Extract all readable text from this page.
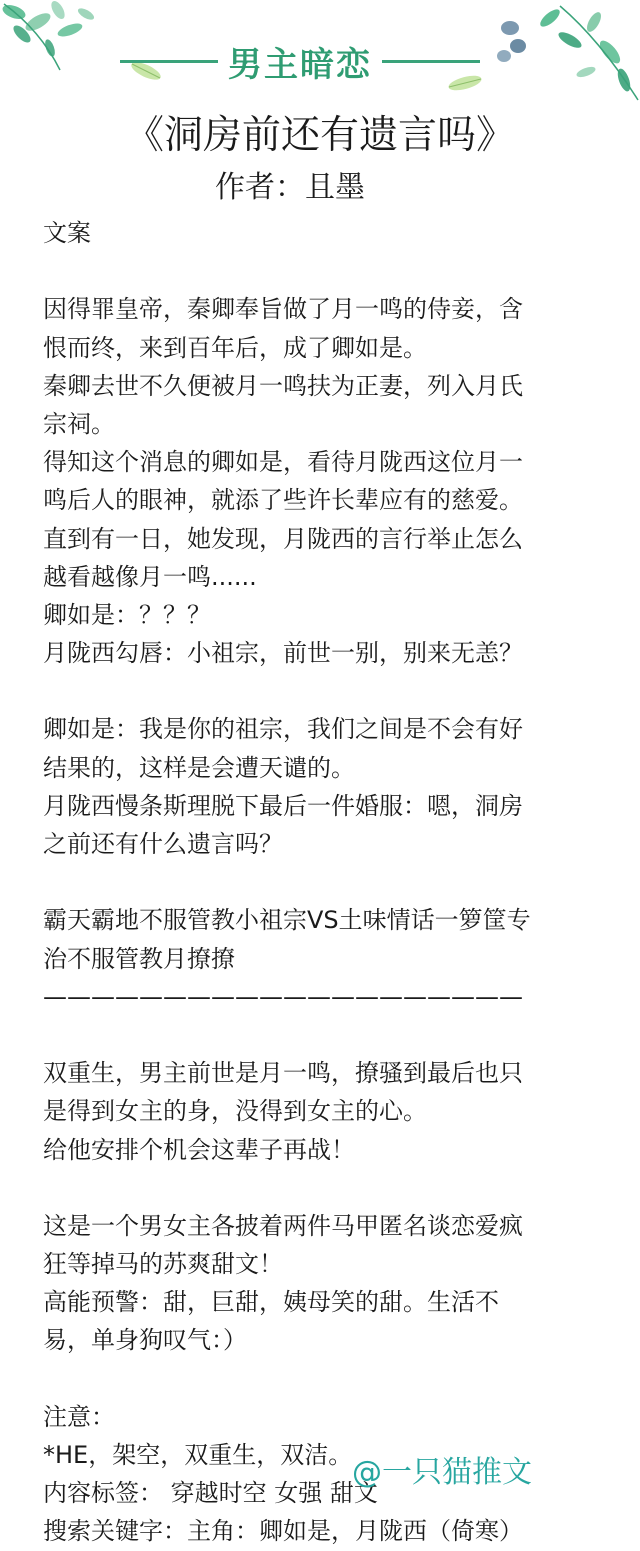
男主暗恋
《洞房前还有遗言吗》
作者：且墨
文案
因得罪皇帝，秦卿奉旨做了月一鸣的侍妾，含
恨而终，来到百年后，成了卿如是。
秦卿去世不久便被月一鸣扶为正妻，列入月氏
宗祠。
得知这个消息的卿如是，看待月陇西这位月一
鸣后人的眼神，就添了些许长辈应有的慈爱。
直到有一日，她发现，月陇西的言行举止怎么
越看越像月一鸣......
卿如是：？？？
月陇西勾唇：小祖宗，前世一别，别来无恙？
卿如是：我是你的祖宗，我们之间是不会有好
结果的，这样是会遭天谴的。
月陇西慢条斯理脱下最后一件婚服：嗯，洞房
之前还有什么遗言吗？
霸天霸地不服管教小祖宗VS土味情话一箩筐专
治不服管教月撩撩
————————————————————
双重生，男主前世是月一鸣，撩骚到最后也只
是得到女主的身，没得到女主的心。
给他安排个机会这辈子再战！
这是一个男女主各披着两件马甲匿名谈恋爱疯
狂等掉马的苏爽甜文！
高能预警：甜，巨甜，姨母笑的甜。生活不
易，单身狗叹气：）
注意：
*HE，架空，双重生，双洁。
内容标签： 穿越时空 女强 甜文
搜索关键字：主角：卿如是，月陇西（倚寒）
@一只猫推文
